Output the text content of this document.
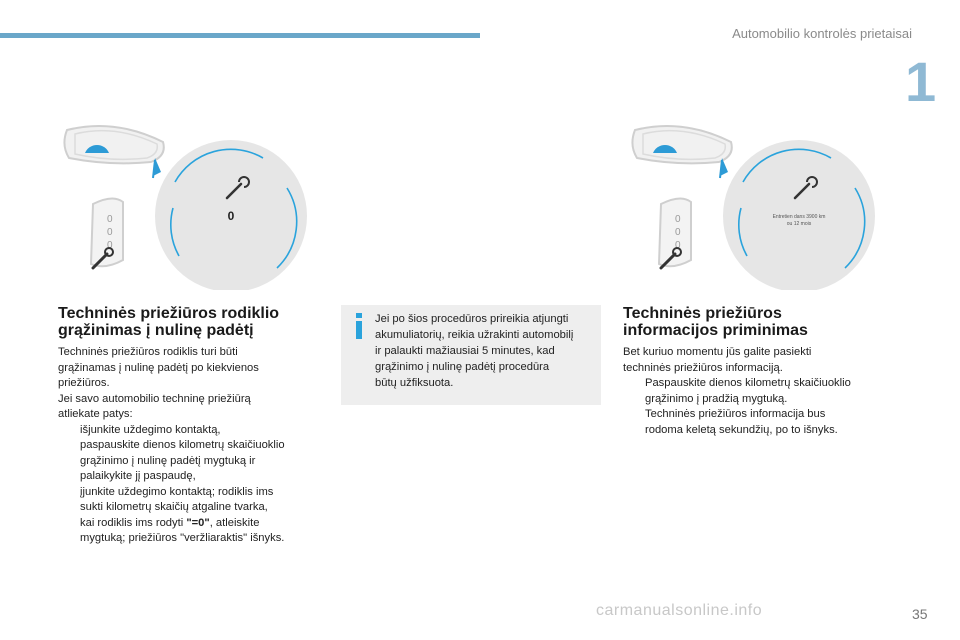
Automobilio kontrolės prietaisai
1
0
0
0
0	0
0
0
Entretien dans 3900 km
ou 12 mois
Techninės priežiūros rodiklio
grąžinimas į nulinę padėtį

Techninės priežiūros rodiklis turi būti

grąžinamas į nulinę padėtį po kiekvienos

priežiūros.

Jei savo automobilio techninę priežiūrą

atliekate patys:

išjunkite uždegimo kontaktą,

paspauskite dienos kilometrų skaičiuoklio

grąžinimo į nulinę padėtį mygtuką ir

palaikykite jį paspaudę,

įjunkite uždegimo kontaktą; rodiklis ims

sukti kilometrų skaičių atgaline tvarka,

kai rodiklis ims rodyti "=0", atleiskite

mygtuką; priežiūros "veržliaraktis" išnyks.

Jei po šios procedūros prireikia atjungti
akumuliatorių, reikia užrakinti automobilį
ir palaukti mažiausiai 5 minutes, kad
grąžinimo į nulinę padėtį procedūra
būtų užfiksuota.
Techninės priežiūros
informacijos priminimas

Bet kuriuo momentu jūs galite pasiekti

techninės priežiūros informaciją.

Paspauskite dienos kilometrų skaičiuoklio

grąžinimo į pradžią mygtuką.

Techninės priežiūros informacija bus

rodoma keletą sekundžių, po to išnyks.

carmanualsonline.info	35
